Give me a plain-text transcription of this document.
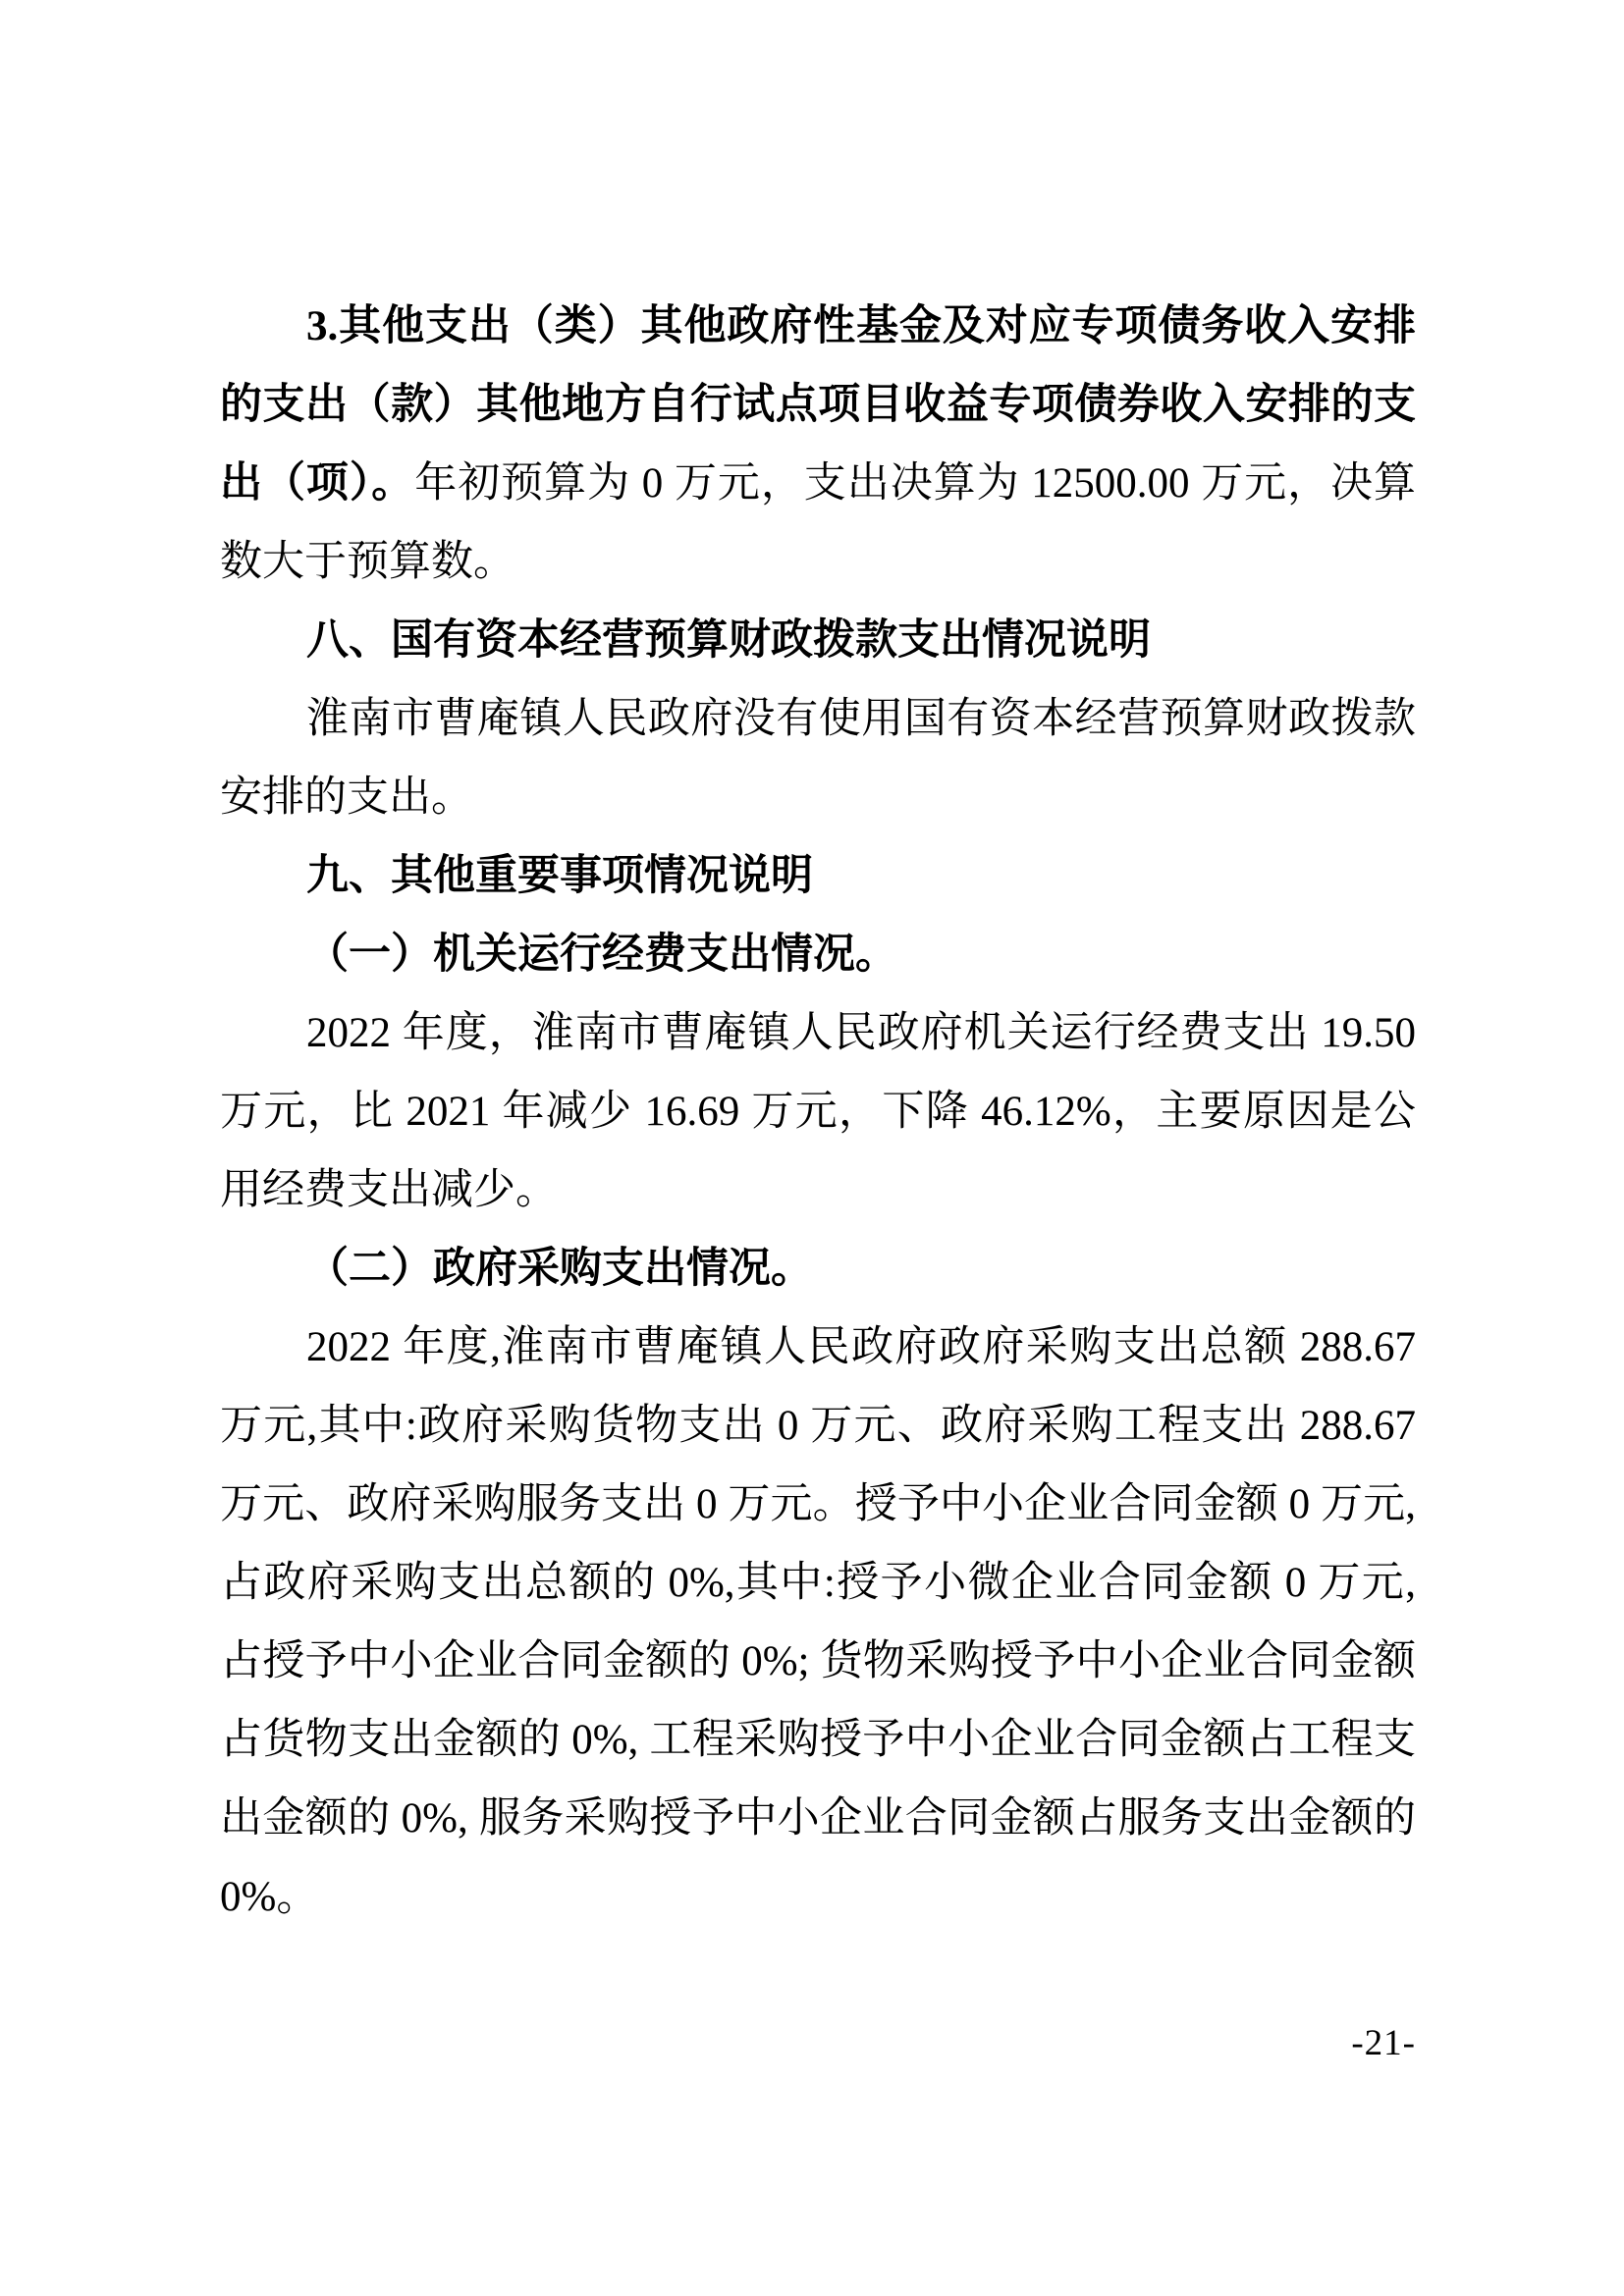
3.其他支出（类）其他政府性基金及对应专项债务收入安排的支出（款）其他地方自行试点项目收益专项债券收入安排的支出（项）。年初预算为 0 万元，支出决算为 12500.00 万元，决算数大于预算数。

八、国有资本经营预算财政拨款支出情况说明

淮南市曹庵镇人民政府没有使用国有资本经营预算财政拨款安排的支出。

九、其他重要事项情况说明
（一）机关运行经费支出情况。

2022 年度，淮南市曹庵镇人民政府机关运行经费支出 19.50 万元，比 2021 年减少 16.69 万元，下降 46.12%，主要原因是公用经费支出减少。

（二）政府采购支出情况。

2022 年度,淮南市曹庵镇人民政府政府采购支出总额 288.67 万元,其中:政府采购货物支出 0 万元、政府采购工程支出 288.67 万元、政府采购服务支出 0 万元。授予中小企业合同金额 0 万元,占政府采购支出总额的 0%,其中:授予小微企业合同金额 0 万元,占授予中小企业合同金额的 0%; 货物采购授予中小企业合同金额占货物支出金额的 0%, 工程采购授予中小企业合同金额占工程支出金额的 0%, 服务采购授予中小企业合同金额占服务支出金额的 0%。

-21-
